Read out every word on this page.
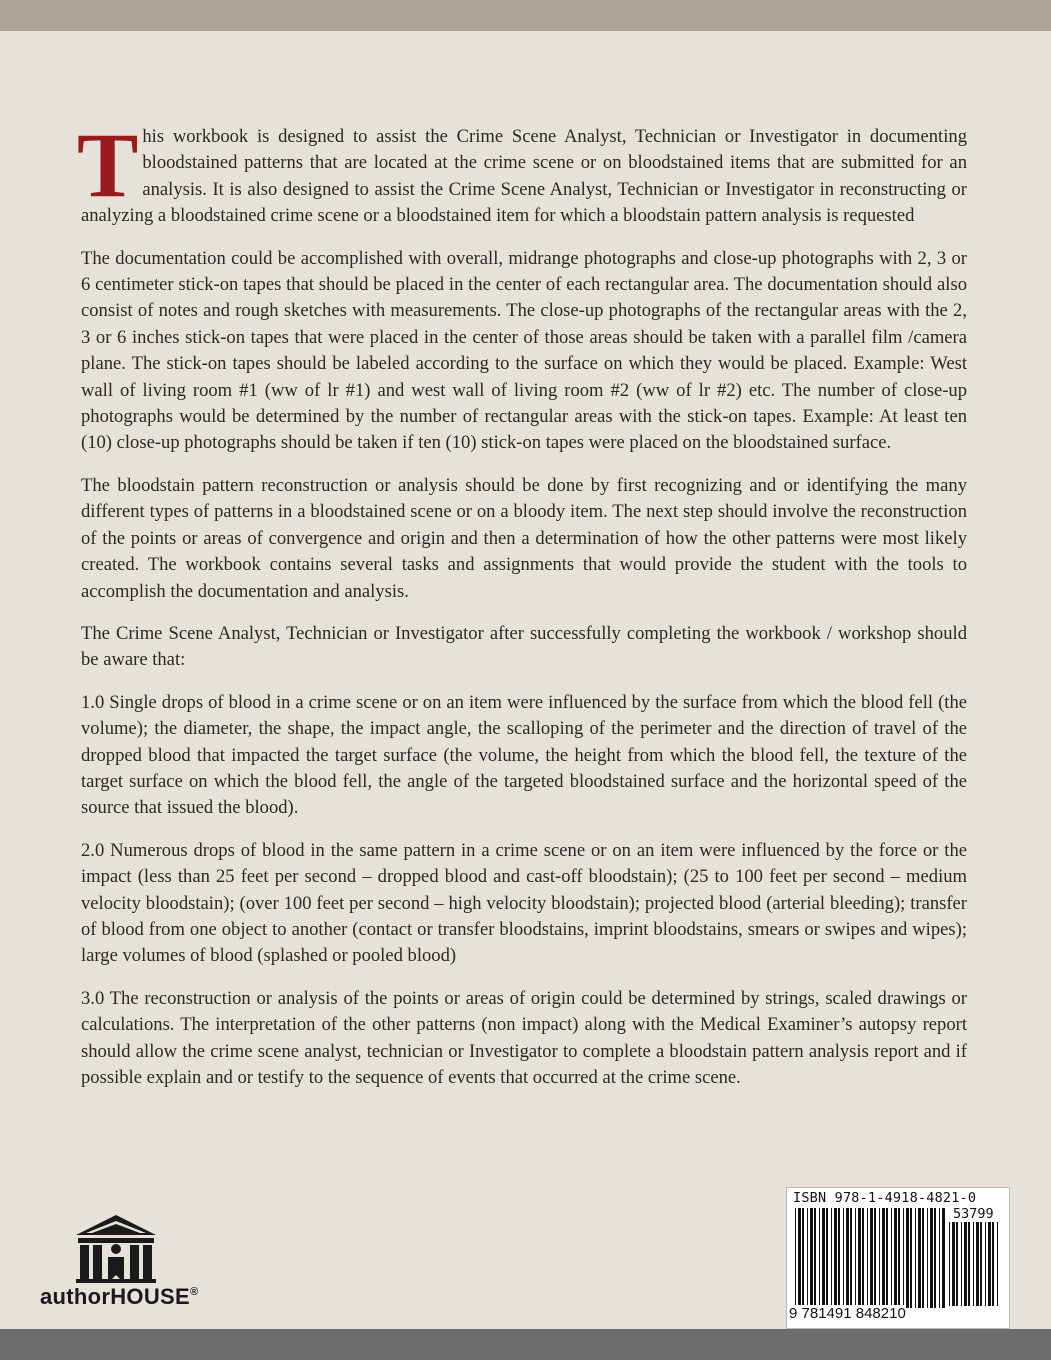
T his workbook is designed to assist the Crime Scene Analyst, Technician or Investigator in documenting bloodstained patterns that are located at the crime scene or on bloodstained items that are submitted for an analysis. It is also designed to assist the Crime Scene Analyst, Technician or Investigator in reconstructing or analyzing a bloodstained crime scene or a bloodstained item for which a bloodstain pattern analysis is requested

The documentation could be accomplished with overall, midrange photographs and close-up photographs with 2, 3 or 6 centimeter stick-on tapes that should be placed in the center of each rectangular area. The documentation should also consist of notes and rough sketches with measurements. The close-up photographs of the rectangular areas with the 2, 3 or 6 inches stick-on tapes that were placed in the center of those areas should be taken with a parallel film /camera plane. The stick-on tapes should be labeled according to the surface on which they would be placed. Example: West wall of living room #1 (ww of lr #1) and west wall of living room #2 (ww of lr #2) etc. The number of close-up photographs would be determined by the number of rectangular areas with the stick-on tapes. Example: At least ten (10) close-up photographs should be taken if ten (10) stick-on tapes were placed on the bloodstained surface.

The bloodstain pattern reconstruction or analysis should be done by first recognizing and or identifying the many different types of patterns in a bloodstained scene or on a bloody item. The next step should involve the reconstruction of the points or areas of convergence and origin and then a determination of how the other patterns were most likely created. The workbook contains several tasks and assignments that would provide the student with the tools to accomplish the documentation and analysis.

The Crime Scene Analyst, Technician or Investigator after successfully completing the workbook / workshop should be aware that:

1.0 Single drops of blood in a crime scene or on an item were influenced by the surface from which the blood fell (the volume); the diameter, the shape, the impact angle, the scalloping of the perimeter and the direction of travel of the dropped blood that impacted the target surface (the volume, the height from which the blood fell, the texture of the target surface on which the blood fell, the angle of the targeted bloodstained surface and the horizontal speed of the source that issued the blood).

2.0 Numerous drops of blood in the same pattern in a crime scene or on an item were influenced by the force or the impact (less than 25 feet per second – dropped blood and cast-off bloodstain); (25 to 100 feet per second – medium velocity bloodstain); (over 100 feet per second – high velocity bloodstain); projected blood (arterial bleeding); transfer of blood from one object to another (contact or transfer bloodstains, imprint bloodstains, smears or swipes and wipes); large volumes of blood (splashed or pooled blood)

3.0 The reconstruction or analysis of the points or areas of origin could be determined by strings, scaled drawings or calculations. The interpretation of the other patterns (non impact) along with the Medical Examiner’s autopsy report should allow the crime scene analyst, technician or Investigator to complete a bloodstain pattern analysis report and if possible explain and or testify to the sequence of events that occurred at the crime scene.

authorHOUSE®
ISBN 978-1-4918-4821-0
53799
9 781491 848210
